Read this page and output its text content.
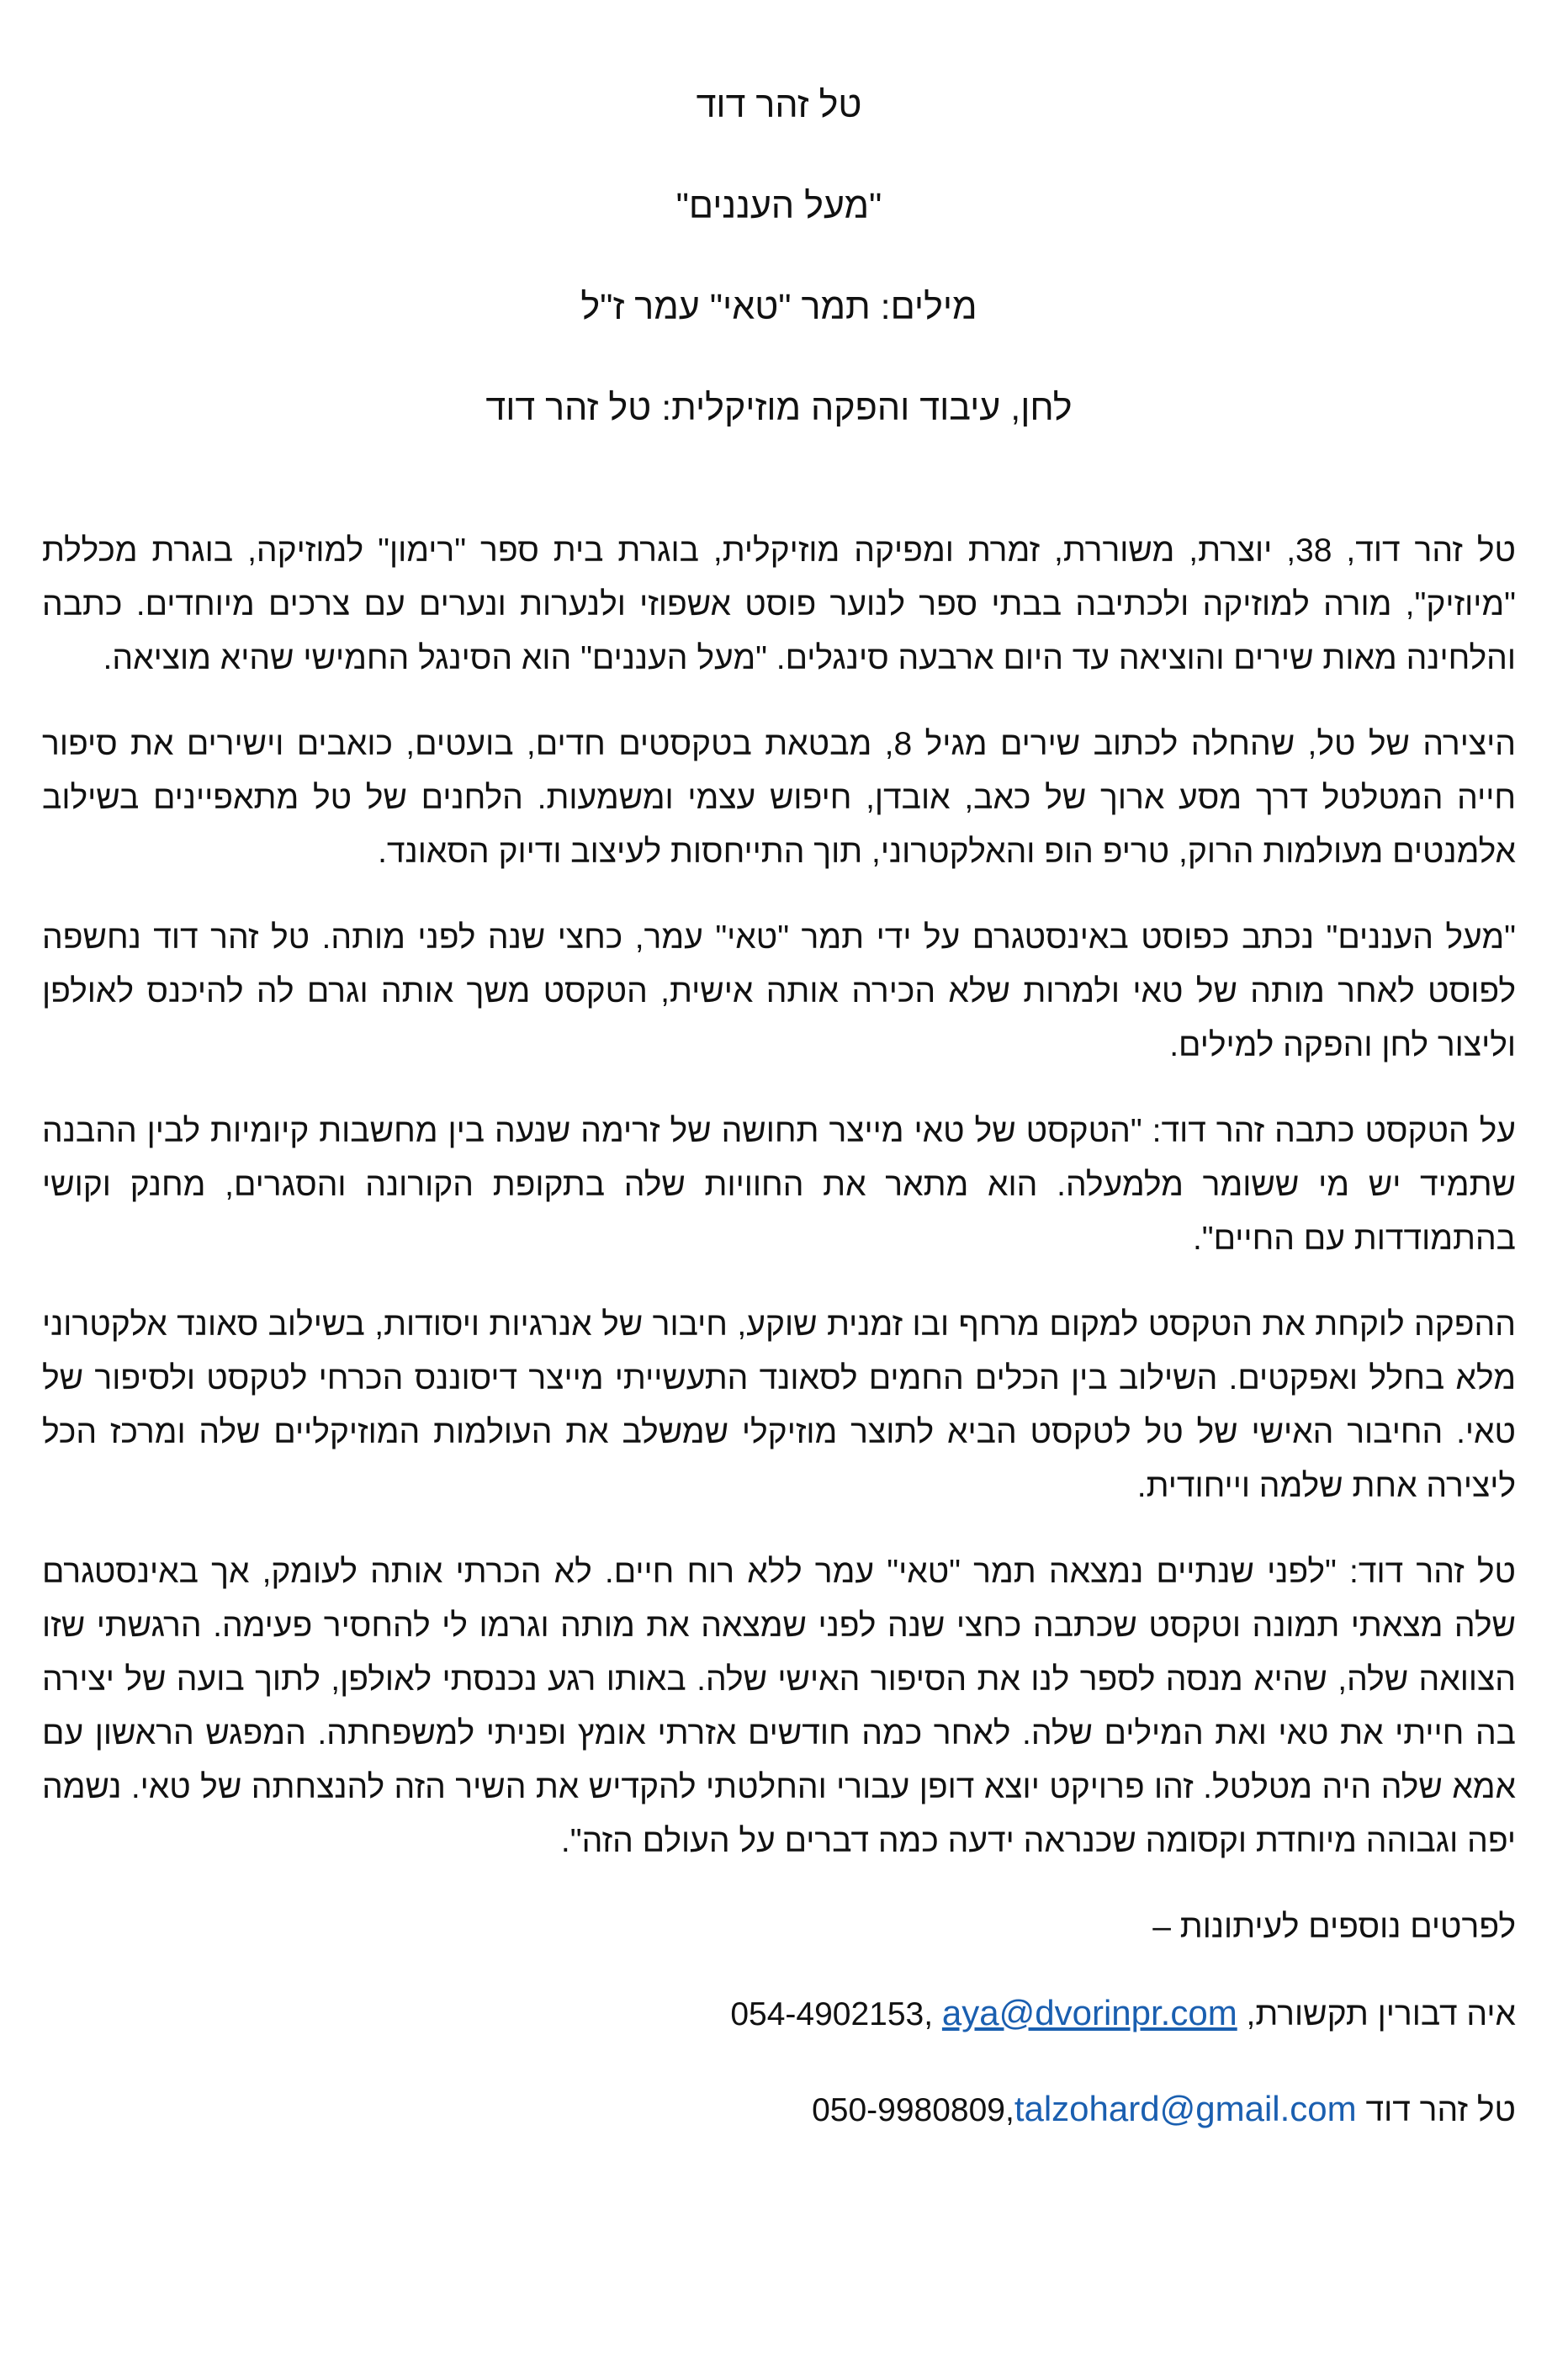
טל זהר דוד

"מעל העננים"

מילים: תמר "טאי" עמר ז"ל

לחן, עיבוד והפקה מוזיקלית: טל זהר דוד

טל זהר דוד, 38, יוצרת, משוררת, זמרת ומפיקה מוזיקלית, בוגרת בית ספר "רימון" למוזיקה, בוגרת מכללת "מיוזיק", מורה למוזיקה ולכתיבה בבתי ספר לנוער פוסט אשפוזי ולנערות ונערים עם צרכים מיוחדים. כתבה והלחינה מאות שירים והוציאה עד היום ארבעה סינגלים. "מעל העננים" הוא הסינגל החמישי שהיא מוציאה.

היצירה של טל, שהחלה לכתוב שירים מגיל 8, מבטאת בטקסטים חדים, בועטים, כואבים וישירים את סיפור חייה המטלטל דרך מסע ארוך של כאב, אובדן, חיפוש עצמי ומשמעות. הלחנים של טל מתאפיינים בשילוב אלמנטים מעולמות הרוק, טריפ הופ והאלקטרוני, תוך התייחסות לעיצוב ודיוק הסאונד.

"מעל העננים" נכתב כפוסט באינסטגרם על ידי תמר "טאי" עמר, כחצי שנה לפני מותה. טל זהר דוד נחשפה לפוסט לאחר מותה של טאי ולמרות שלא הכירה אותה אישית, הטקסט משך אותה וגרם לה להיכנס לאולפן וליצור לחן והפקה למילים.

על הטקסט כתבה זהר דוד: "הטקסט של טאי מייצר תחושה של זרימה שנעה בין מחשבות קיומיות לבין ההבנה שתמיד יש מי ששומר מלמעלה. הוא מתאר את החוויות שלה בתקופת הקורונה והסגרים, מחנק וקושי בהתמודדות עם החיים".

ההפקה לוקחת את הטקסט למקום מרחף ובו זמנית שוקע, חיבור של אנרגיות ויסודות, בשילוב סאונד אלקטרוני מלא בחלל ואפקטים. השילוב בין הכלים החמים לסאונד התעשייתי מייצר דיסוננס הכרחי לטקסט ולסיפור של טאי. החיבור האישי של טל לטקסט הביא לתוצר מוזיקלי שמשלב את העולמות המוזיקליים שלה ומרכז הכל ליצירה אחת שלמה וייחודית.

טל זהר דוד: "לפני שנתיים נמצאה תמר "טאי" עמר ללא רוח חיים. לא הכרתי אותה לעומק, אך באינסטגרם שלה מצאתי תמונה וטקסט שכתבה כחצי שנה לפני שמצאה את מותה וגרמו לי להחסיר פעימה. הרגשתי שזו הצוואה שלה, שהיא מנסה לספר לנו את הסיפור האישי שלה. באותו רגע נכנסתי לאולפן, לתוך בועה של יצירה בה חייתי את טאי ואת המילים שלה. לאחר כמה חודשים אזרתי אומץ ופניתי למשפחתה. המפגש הראשון עם אמא שלה היה מטלטל. זהו פרויקט יוצא דופן עבורי והחלטתי להקדיש את השיר הזה להנצחתה של טאי. נשמה יפה וגבוהה מיוחדת וקסומה שכנראה ידעה כמה דברים על העולם הזה".

לפרטים נוספים לעיתונות –

איה דבורין תקשורת, 054-4902153, aya@dvorinpr.com

טל זהר דוד 050-9980809,talzohard@gmail.com
